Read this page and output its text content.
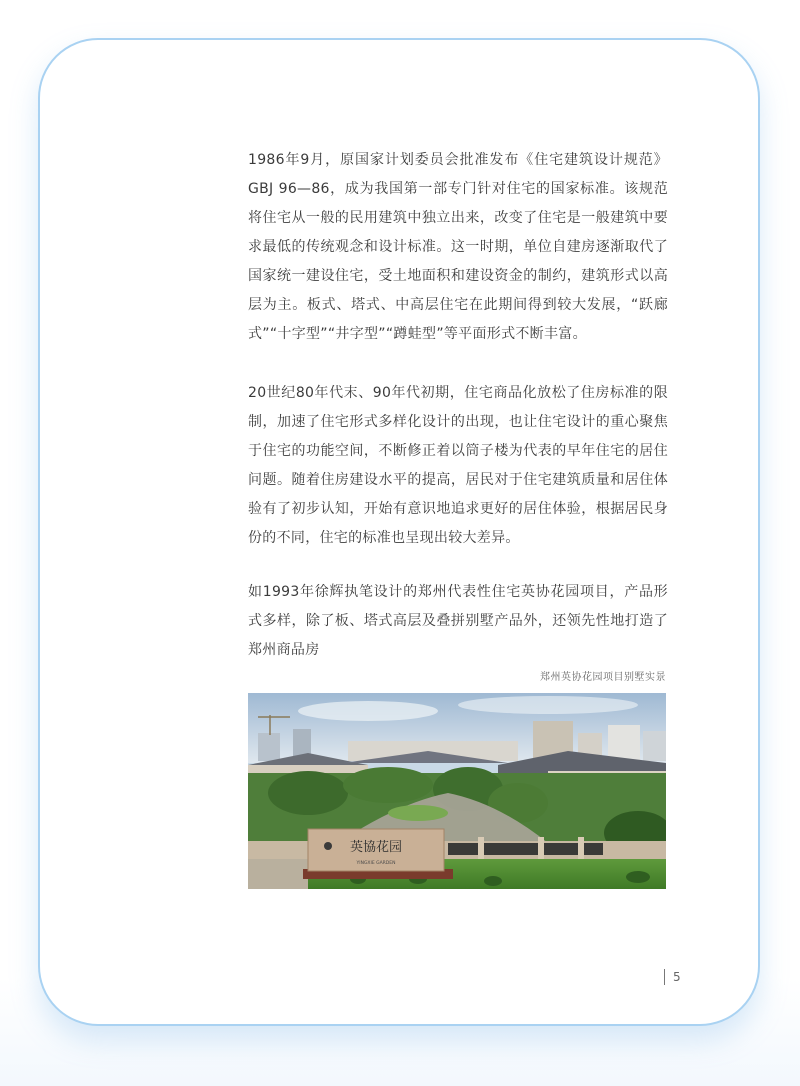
1986年9月，原国家计划委员会批准发布《住宅建筑设计规范》GBJ 96—86，成为我国第一部专门针对住宅的国家标准。该规范将住宅从一般的民用建筑中独立出来，改变了住宅是一般建筑中要求最低的传统观念和设计标准。这一时期，单位自建房逐渐取代了国家统一建设住宅，受土地面积和建设资金的制约，建筑形式以高层为主。板式、塔式、中高层住宅在此期间得到较大发展，“跃廊式”“十字型”“井字型”“蹲蛙型”等平面形式不断丰富。

20世纪80年代末、90年代初期，住宅商品化放松了住房标准的限制，加速了住宅形式多样化设计的出现，也让住宅设计的重心聚焦于住宅的功能空间，不断修正着以筒子楼为代表的早年住宅的居住问题。随着住房建设水平的提高，居民对于住宅建筑质量和居住体验有了初步认知，开始有意识地追求更好的居住体验，根据居民身份的不同，住宅的标准也呈现出较大差异。

如1993年徐辉执笔设计的郑州代表性住宅英协花园项目，产品形式多样，除了板、塔式高层及叠拼别墅产品外，还领先性地打造了郑州商品房

郑州英协花园项目别墅实景
英協花园
YINGXIE GARDEN
5
